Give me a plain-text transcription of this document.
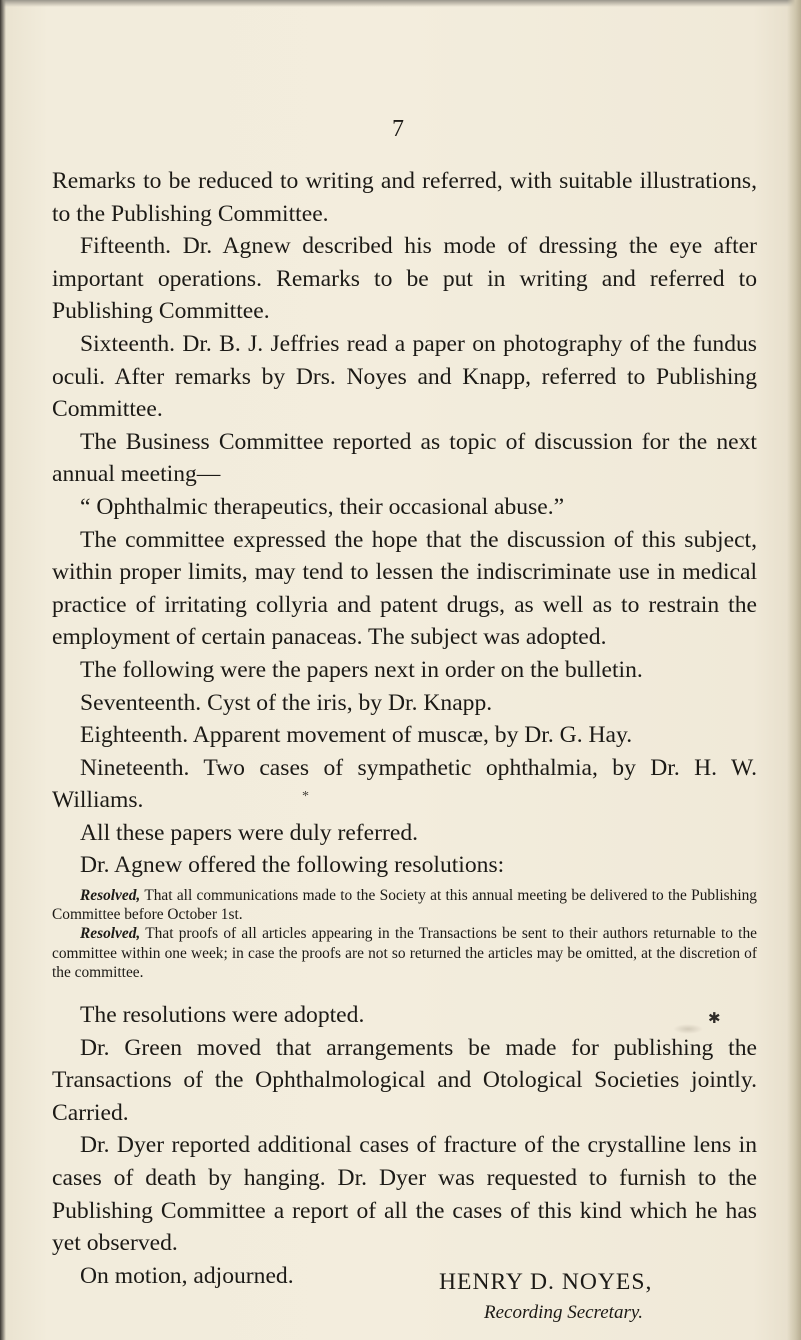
7

Remarks to be reduced to writing and referred, with suitable illustrations, to the Publishing Committee.

Fifteenth. Dr. Agnew described his mode of dressing the eye after important operations. Remarks to be put in writing and referred to Publishing Committee.

Sixteenth. Dr. B. J. Jeffries read a paper on photography of the fundus oculi. After remarks by Drs. Noyes and Knapp, referred to Publishing Committee.

The Business Committee reported as topic of discussion for the next annual meeting—

“ Ophthalmic therapeutics, their occasional abuse.”

The committee expressed the hope that the discussion of this subject, within proper limits, may tend to lessen the indiscriminate use in medical practice of irritating collyria and patent drugs, as well as to restrain the employment of certain panaceas. The subject was adopted.

The following were the papers next in order on the bulletin.

Seventeenth. Cyst of the iris, by Dr. Knapp.

Eighteenth. Apparent movement of muscæ, by Dr. G. Hay.

Nineteenth. Two cases of sympathetic ophthalmia, by Dr. H. W. Williams.

All these papers were duly referred.

Dr. Agnew offered the following resolutions:

Resolved, That all communications made to the Society at this annual meeting be delivered to the Publishing Committee before October 1st.

Resolved, That proofs of all articles appearing in the Transactions be sent to their authors returnable to the committee within one week; in case the proofs are not so returned the articles may be omitted, at the discretion of the committee.

The resolutions were adopted.

Dr. Green moved that arrangements be made for publishing the Transactions of the Ophthalmological and Otological Societies jointly. Carried.

Dr. Dyer reported additional cases of fracture of the crystalline lens in cases of death by hanging. Dr. Dyer was requested to furnish to the Publishing Committee a report of all the cases of this kind which he has yet observed.

On motion, adjourned.	HENRY D. NOYES,
Recording Secretary.
*
✱
